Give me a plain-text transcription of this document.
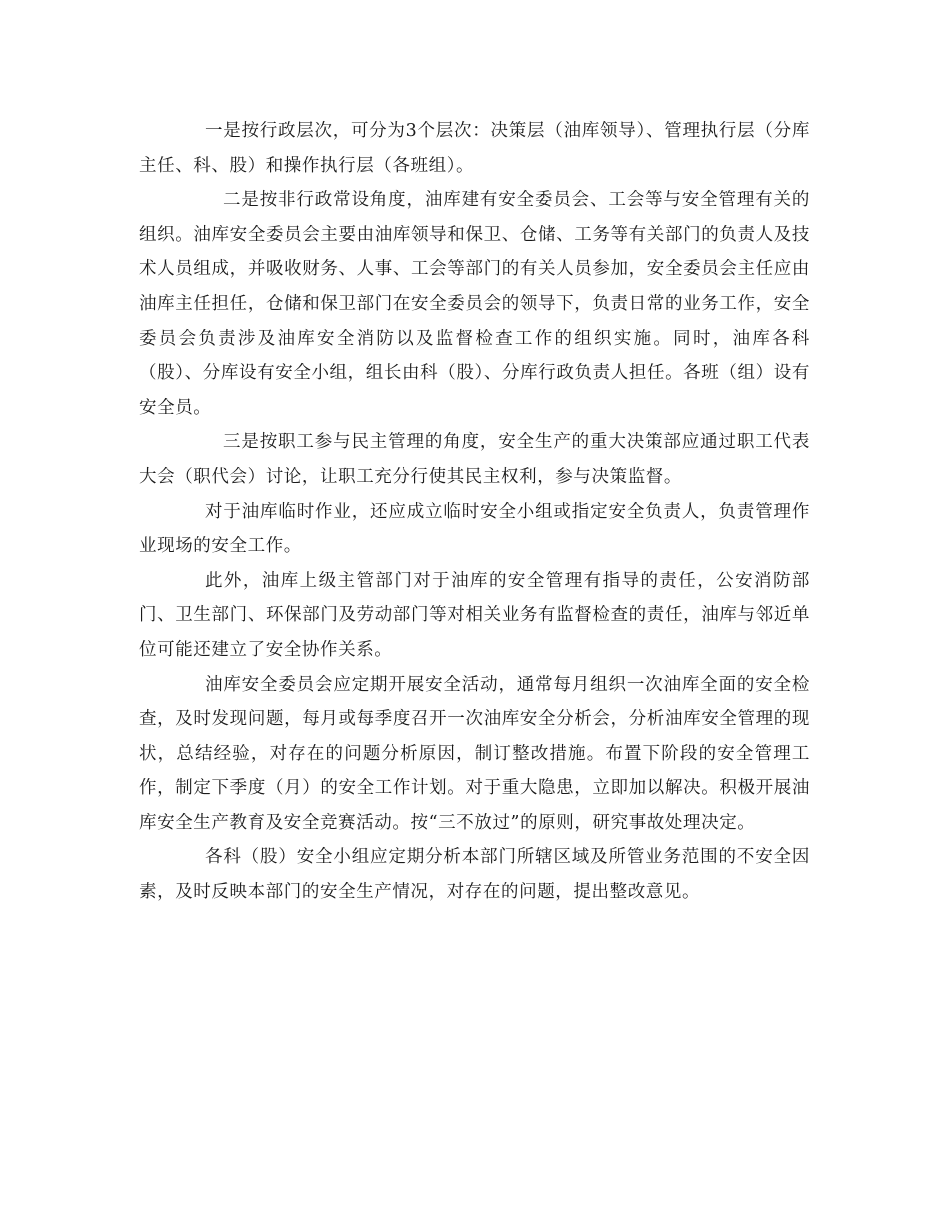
一是按行政层次，可分为3个层次：决策层（油库领导）、管理执行层（分库主任、科、股）和操作执行层（各班组）。

二是按非行政常设角度，油库建有安全委员会、工会等与安全管理有关的组织。油库安全委员会主要由油库领导和保卫、仓储、工务等有关部门的负责人及技术人员组成，并吸收财务、人事、工会等部门的有关人员参加，安全委员会主任应由油库主任担任，仓储和保卫部门在安全委员会的领导下，负责日常的业务工作，安全委员会负责涉及油库安全消防以及监督检查工作的组织实施。同时，油库各科（股）、分库设有安全小组，组长由科（股）、分库行政负责人担任。各班（组）设有安全员。

三是按职工参与民主管理的角度，安全生产的重大决策部应通过职工代表大会（职代会）讨论，让职工充分行使其民主权利，参与决策监督。

对于油库临时作业，还应成立临时安全小组或指定安全负责人，负责管理作业现场的安全工作。

此外，油库上级主管部门对于油库的安全管理有指导的责任，公安消防部门、卫生部门、环保部门及劳动部门等对相关业务有监督检查的责任，油库与邻近单位可能还建立了安全协作关系。

油库安全委员会应定期开展安全活动，通常每月组织一次油库全面的安全检查，及时发现问题，每月或每季度召开一次油库安全分析会，分析油库安全管理的现状，总结经验，对存在的问题分析原因，制订整改措施。布置下阶段的安全管理工作，制定下季度（月）的安全工作计划。对于重大隐患，立即加以解决。积极开展油库安全生产教育及安全竞赛活动。按“三不放过”的原则，研究事故处理决定。

各科（股）安全小组应定期分析本部门所辖区域及所管业务范围的不安全因素，及时反映本部门的安全生产情况，对存在的问题，提出整改意见。
